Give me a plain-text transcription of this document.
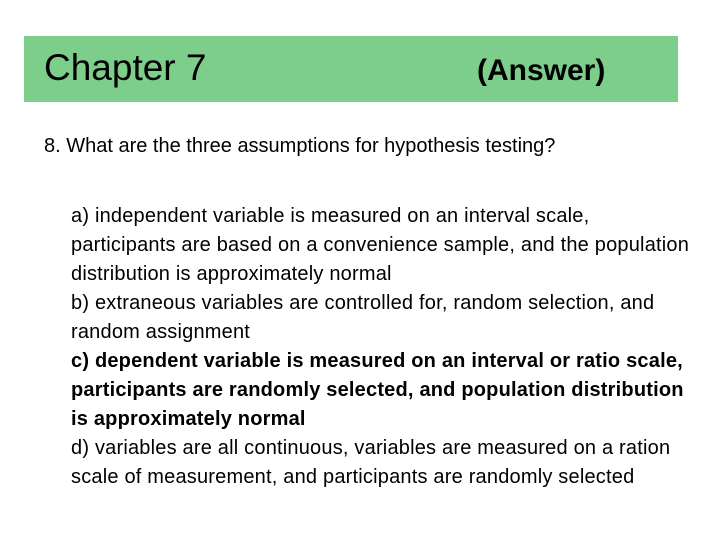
Chapter 7	(Answer)
8. What are the three assumptions for hypothesis testing?

a) independent variable is measured on an interval scale, participants are based on a convenience sample, and the population distribution is approximately normal

b) extraneous variables are controlled for, random selection, and random assignment

c) dependent variable is measured on an interval or ratio scale, participants are randomly selected, and population distribution is approximately normal

d) variables are all continuous, variables are measured on a ration scale of measurement, and participants are randomly selected
